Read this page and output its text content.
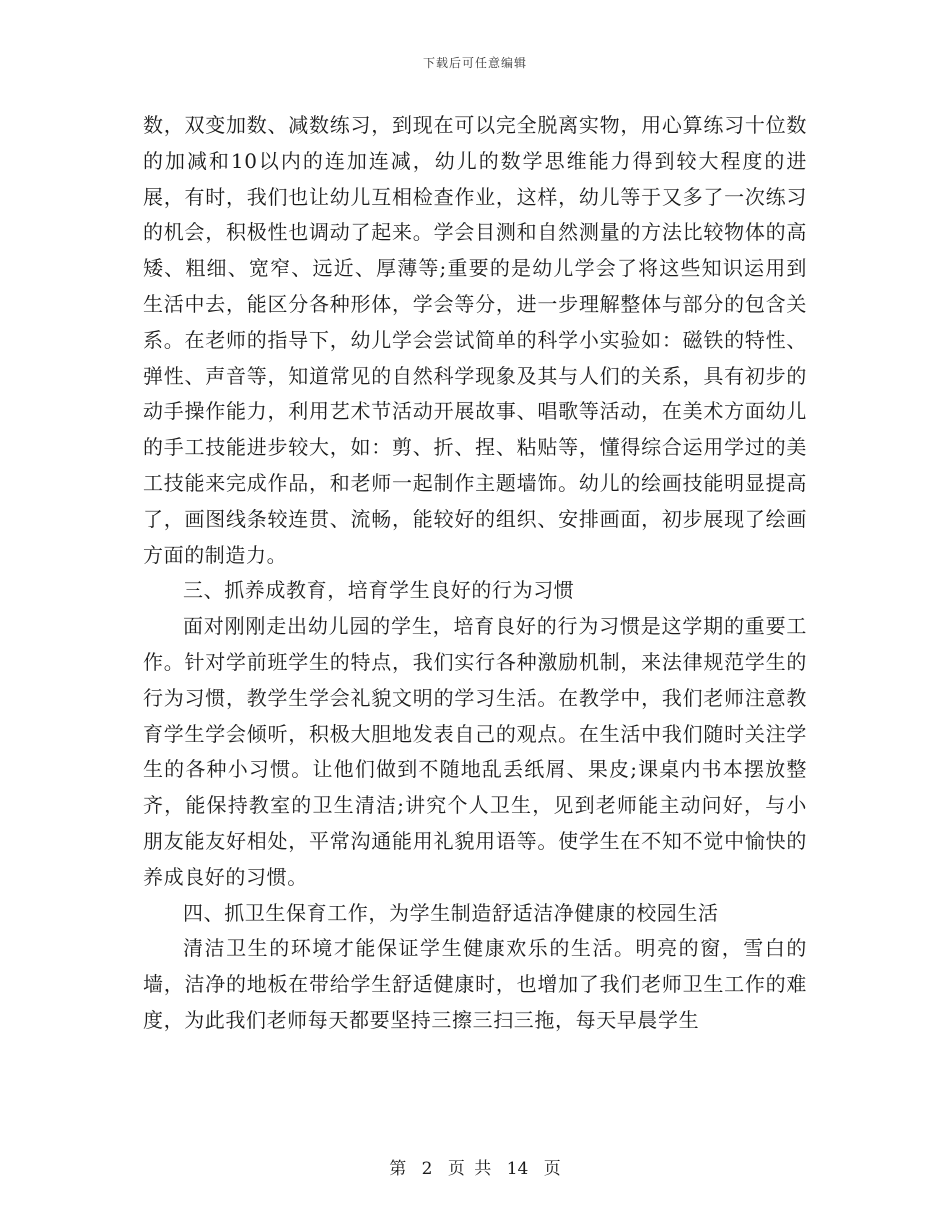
下载后可任意编辑

数，双变加数、减数练习，到现在可以完全脱离实物，用心算练习十位数的加减和10以内的连加连减，幼儿的数学思维能力得到较大程度的进展，有时，我们也让幼儿互相检查作业，这样，幼儿等于又多了一次练习的机会，积极性也调动了起来。学会目测和自然测量的方法比较物体的高矮、粗细、宽窄、远近、厚薄等;重要的是幼儿学会了将这些知识运用到生活中去，能区分各种形体，学会等分，进一步理解整体与部分的包含关系。在老师的指导下，幼儿学会尝试简单的科学小实验如：磁铁的特性、弹性、声音等，知道常见的自然科学现象及其与人们的关系，具有初步的动手操作能力，利用艺术节活动开展故事、唱歌等活动，在美术方面幼儿的手工技能进步较大，如：剪、折、捏、粘贴等，懂得综合运用学过的美工技能来完成作品，和老师一起制作主题墙饰。幼儿的绘画技能明显提高了，画图线条较连贯、流畅，能较好的组织、安排画面，初步展现了绘画方面的制造力。

三、抓养成教育，培育学生良好的行为习惯

面对刚刚走出幼儿园的学生，培育良好的行为习惯是这学期的重要工作。针对学前班学生的特点，我们实行各种激励机制，来法律规范学生的行为习惯，教学生学会礼貌文明的学习生活。在教学中，我们老师注意教育学生学会倾听，积极大胆地发表自己的观点。在生活中我们随时关注学生的各种小习惯。让他们做到不随地乱丢纸屑、果皮;课桌内书本摆放整齐，能保持教室的卫生清洁;讲究个人卫生，见到老师能主动问好，与小朋友能友好相处，平常沟通能用礼貌用语等。使学生在不知不觉中愉快的养成良好的习惯。

四、抓卫生保育工作，为学生制造舒适洁净健康的校园生活

清洁卫生的环境才能保证学生健康欢乐的生活。明亮的窗，雪白的墙，洁净的地板在带给学生舒适健康时，也增加了我们老师卫生工作的难度，为此我们老师每天都要坚持三擦三扫三拖，每天早晨学生

第 2 页 共 14 页
